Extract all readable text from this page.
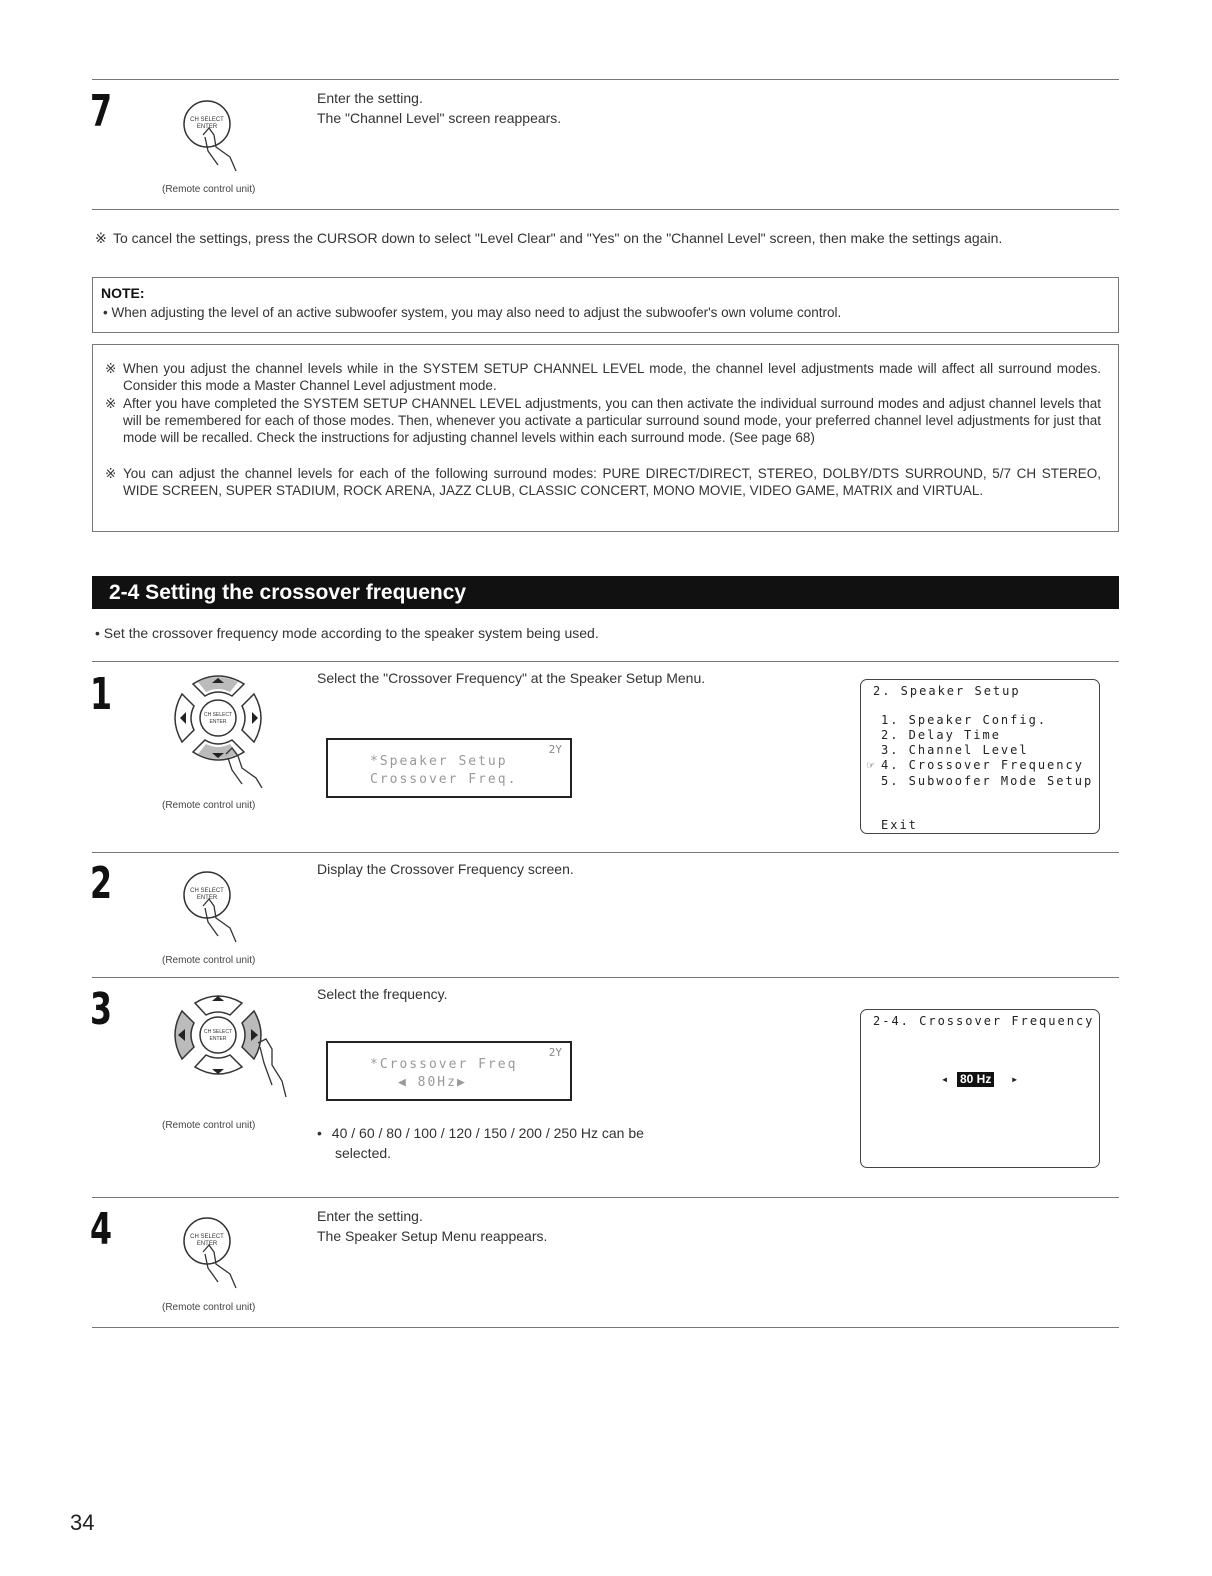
7	CH SELECT
ENTER
(Remote control unit)
Enter the setting.
The "Channel Level" screen reappears.
※ To cancel the settings, press the CURSOR down to select "Level Clear" and "Yes" on the "Channel Level" screen, then make the settings again.
NOTE:
• When adjusting the level of an active subwoofer system, you may also need to adjust the subwoofer's own volume control.
※ When you adjust the channel levels while in the SYSTEM SETUP CHANNEL LEVEL mode, the channel level adjustments made will affect all surround modes. Consider this mode a Master Channel Level adjustment mode.
※ After you have completed the SYSTEM SETUP CHANNEL LEVEL adjustments, you can then activate the individual surround modes and adjust channel levels that will be remembered for each of those modes. Then, whenever you activate a particular surround sound mode, your preferred channel level adjustments for just that mode will be recalled. Check the instructions for adjusting channel levels within each surround mode. (See page 68)
※ You can adjust the channel levels for each of the following surround modes: PURE DIRECT/DIRECT, STEREO, DOLBY/DTS SURROUND, 5/7 CH STEREO, WIDE SCREEN, SUPER STADIUM, ROCK ARENA, JAZZ CLUB, CLASSIC CONCERT, MONO MOVIE, VIDEO GAME, MATRIX and VIRTUAL.
2-4 Setting the crossover frequency
• Set the crossover frequency mode according to the speaker system being used.
1	CH SELECT
ENTER
(Remote control unit)
Select the "Crossover Frequency" at the Speaker Setup Menu.
2Y
*Speaker Setup
Crossover Freq.
2. Speaker Setup
1. Speaker Config.
2. Delay Time
3. Channel Level
☞ 4. Crossover Frequency
5. Subwoofer Mode Setup
Exit
2	CH SELECT
ENTER
(Remote control unit)
Display the Crossover Frequency screen.
3	CH SELECT
ENTER
(Remote control unit)
Select the frequency.
2Y
*Crossover Freq
◀ 80Hz▶
• 40 / 60 / 80 / 100 / 120 / 150 / 200 / 250 Hz can be
selected.
2-4. Crossover Frequency
◂ 80 Hz ▸
4	CH SELECT
ENTER
(Remote control unit)
Enter the setting.
The Speaker Setup Menu reappears.
34
